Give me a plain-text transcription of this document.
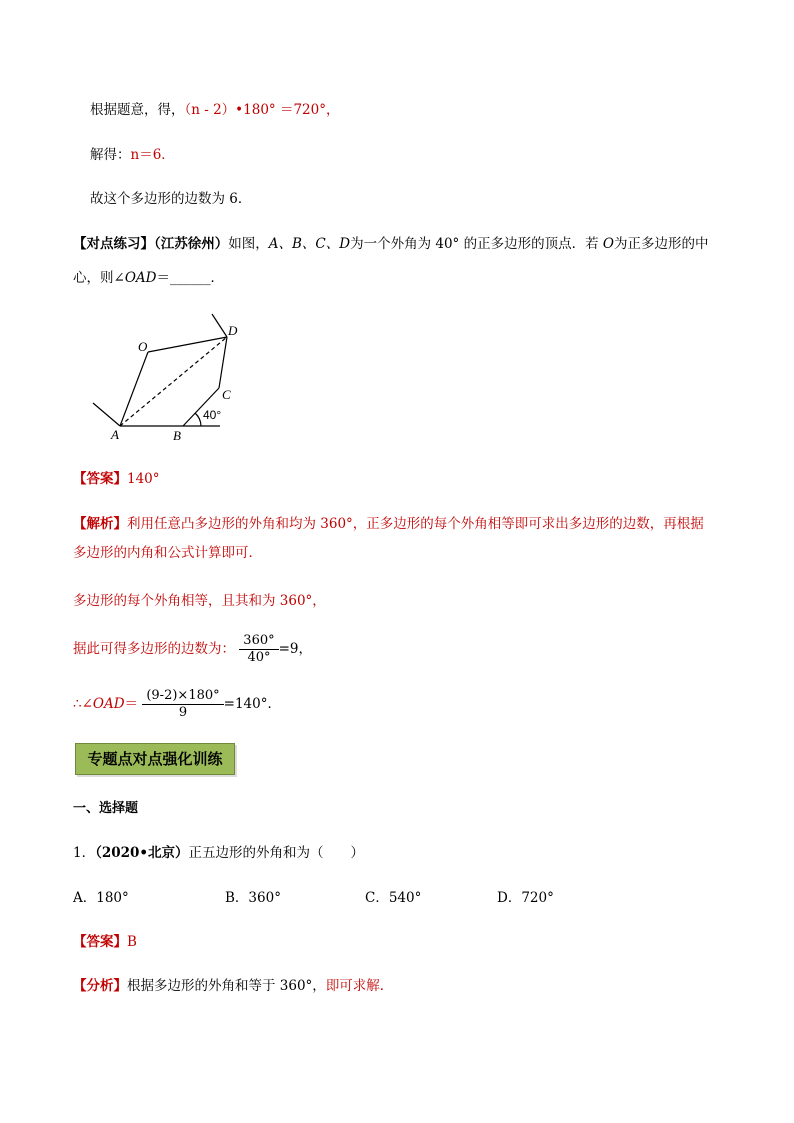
根据题意，得，（n - 2）•180° ＝720°，
解得：n＝6．
故这个多边形的边数为 6．
【对点练习】（江苏徐州）如图，A、B、C、D为一个外角为 40° 的正多边形的顶点．若 O为正多边形的中
心，则∠OAD＝______．
O
D
C
A	B
40°
【答案】140°
【解析】利用任意凸多边形的外角和均为 360°，正多边形的每个外角相等即可求出多边形的边数，再根据
多边形的内角和公式计算即可．
多边形的每个外角相等，且其和为 360°，
据此可得多边形的边数为： $\frac{360^\circ}{40^\circ} =9$，
∴∠OAD＝ $\frac{(9-2)\times 180^\circ}{9} =140^\circ$．
专题点对点强化训练
一、选择题
1．（2020•北京）正五边形的外角和为（　　）
A．180°	B．360°	C．540°	D．720°
【答案】B
【分析】根据多边形的外角和等于 360°，即可求解．
